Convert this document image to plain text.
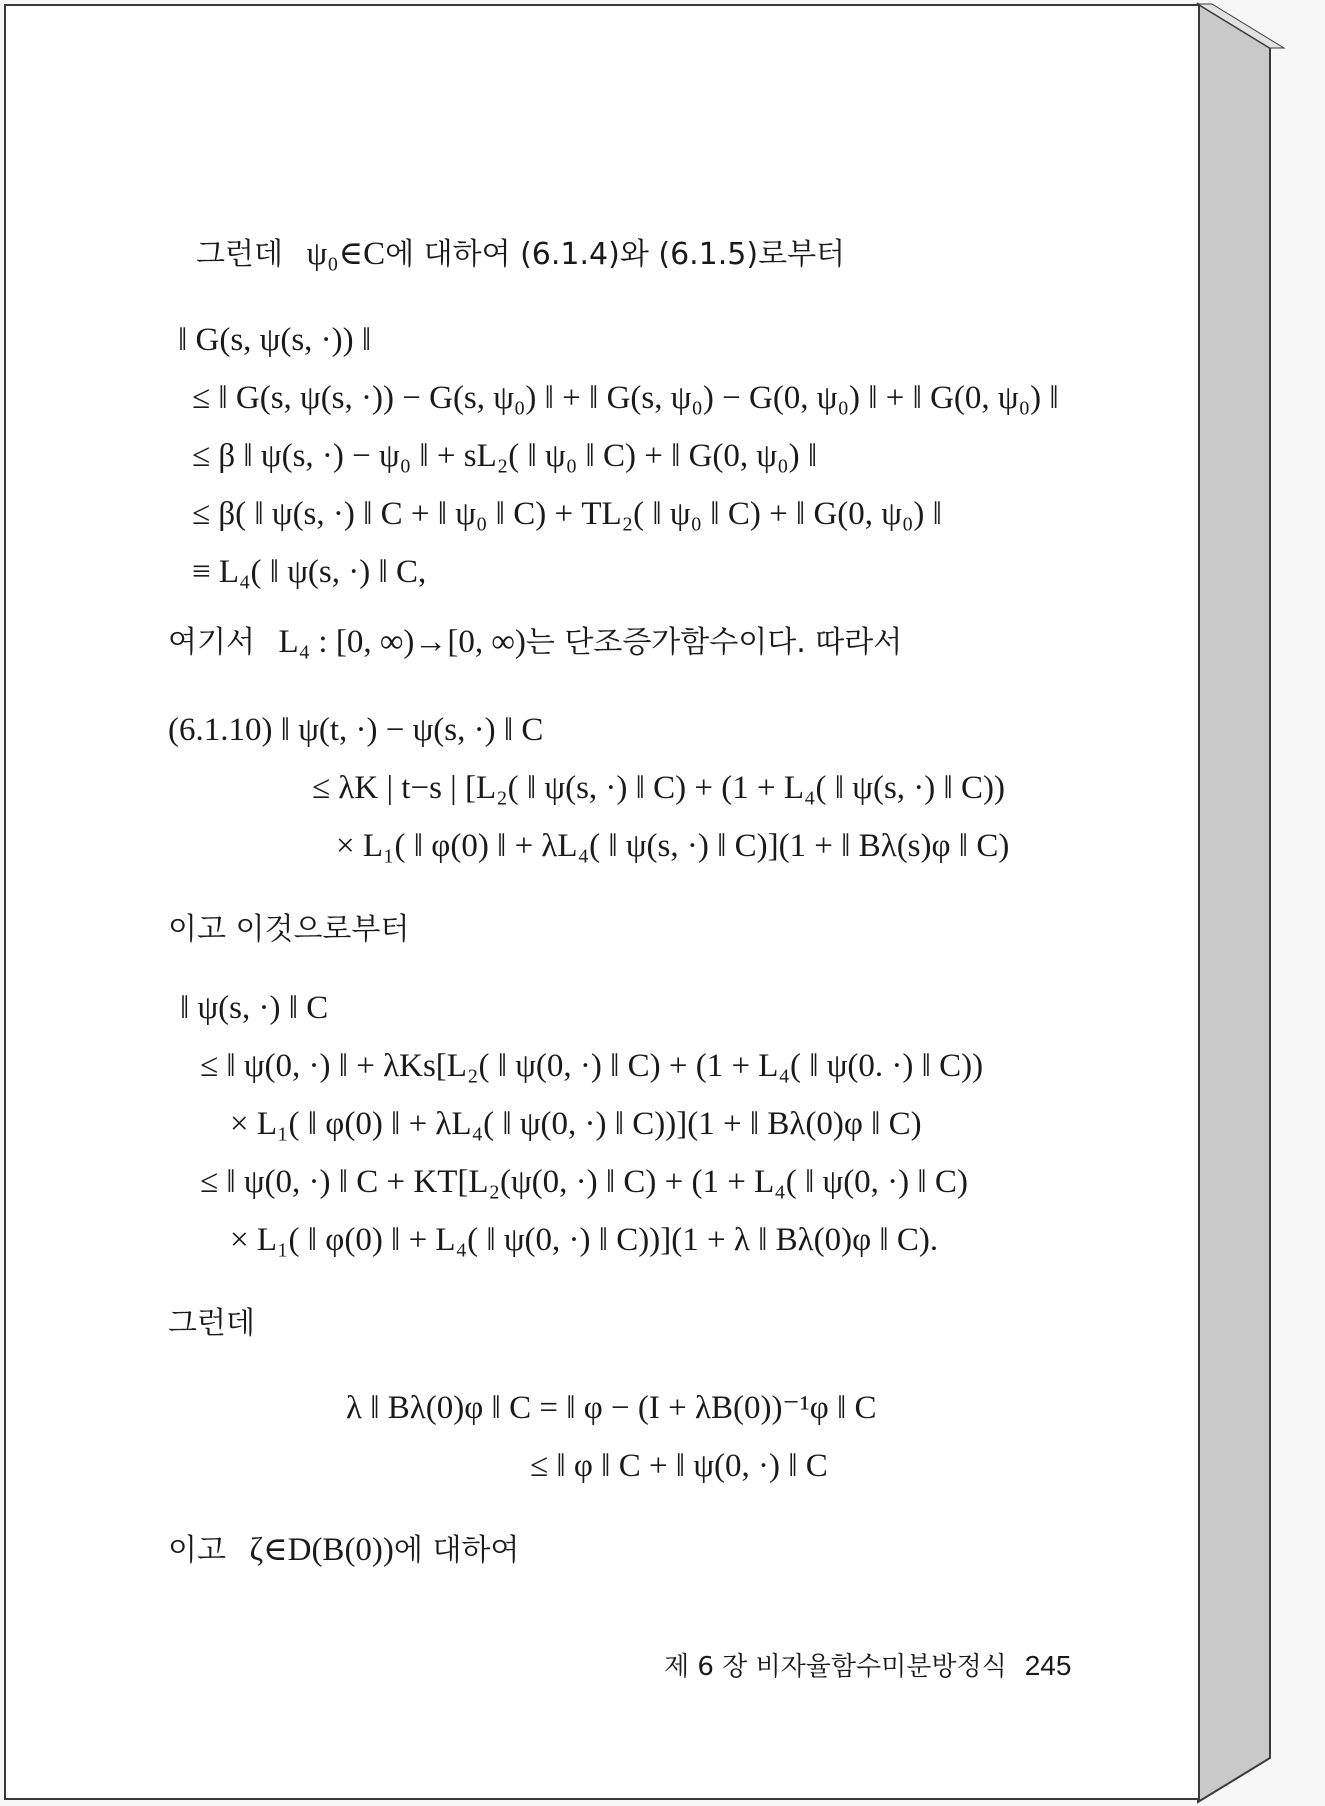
그런데 ψ₀∈C에 대하여 (6.1.4)와 (6.1.5)로부터
‖ G(s, ψ(s, ·)) ‖
≤ ‖ G(s, ψ(s, ·)) − G(s, ψ₀) ‖ + ‖ G(s, ψ₀) − G(0, ψ₀) ‖ + ‖ G(0, ψ₀) ‖
≤ β ‖ ψ(s, ·) − ψ₀ ‖ + sL₂( ‖ ψ₀ ‖ C) + ‖ G(0, ψ₀) ‖
≤ β( ‖ ψ(s, ·) ‖ C + ‖ ψ₀ ‖ C) + TL₂( ‖ ψ₀ ‖ C) + ‖ G(0, ψ₀) ‖
≡ L₄( ‖ ψ(s, ·) ‖ C,
여기서 L₄ : [0, ∞)→[0, ∞)는 단조증가함수이다. 따라서
(6.1.10) ‖ ψ(t, ·) − ψ(s, ·) ‖ C
≤ λK | t−s | [L₂( ‖ ψ(s, ·) ‖ C) + (1 + L₄( ‖ ψ(s, ·) ‖ C))
× L₁( ‖ φ(0) ‖ + λL₄( ‖ ψ(s, ·) ‖ C)](1 + ‖ Bλ(s)φ ‖ C)
이고 이것으로부터
‖ ψ(s, ·) ‖ C
≤ ‖ ψ(0, ·) ‖ + λKs[L₂( ‖ ψ(0, ·) ‖ C) + (1 + L₄( ‖ ψ(0. ·) ‖ C))
× L₁( ‖ φ(0) ‖ + λL₄( ‖ ψ(0, ·) ‖ C))](1 + ‖ Bλ(0)φ ‖ C)
≤ ‖ ψ(0, ·) ‖ C + KT[L₂(ψ(0, ·) ‖ C) + (1 + L₄( ‖ ψ(0, ·) ‖ C)
× L₁( ‖ φ(0) ‖ + L₄( ‖ ψ(0, ·) ‖ C))](1 + λ ‖ Bλ(0)φ ‖ C).
그런데
λ ‖ Bλ(0)φ ‖ C = ‖ φ − (I + λB(0))⁻¹φ ‖ C
≤ ‖ φ ‖ C + ‖ ψ(0, ·) ‖ C
이고 ζ∈D(B(0))에 대하여
제 6 장 비자율함수미분방정식 245
